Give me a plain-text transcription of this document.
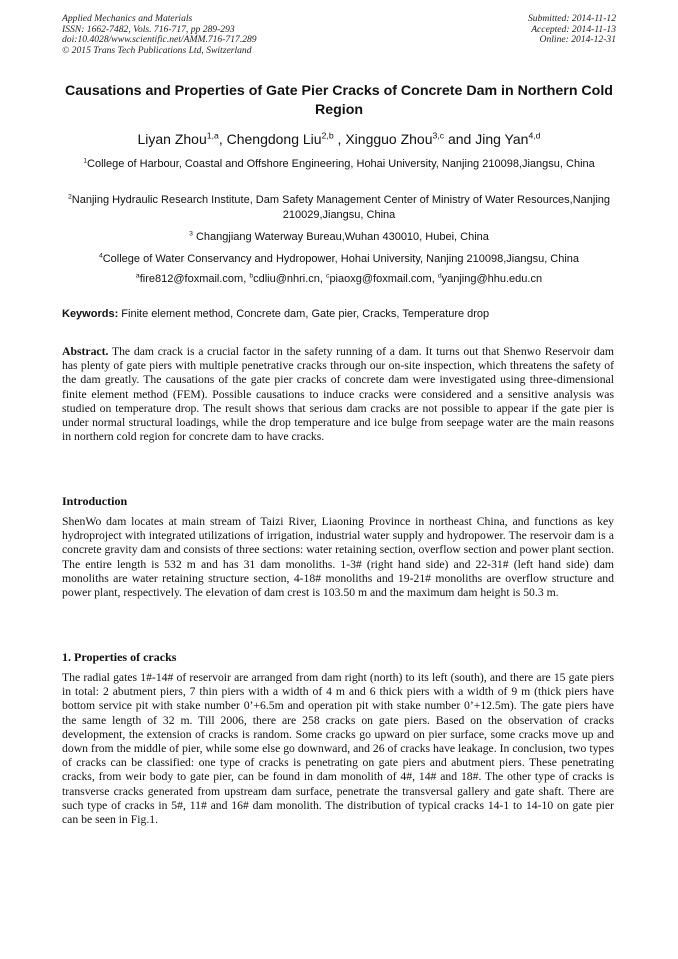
Applied Mechanics and Materials
ISSN: 1662-7482, Vols. 716-717, pp 289-293
doi:10.4028/www.scientific.net/AMM.716-717.289
© 2015 Trans Tech Publications Ltd, Switzerland
Submitted: 2014-11-12
Accepted: 2014-11-13
Online: 2014-12-31
Causations and Properties of Gate Pier Cracks of Concrete Dam in Northern Cold Region
Liyan Zhou$^{1,a}$, Chengdong Liu$^{2,b}$ , Xingguo Zhou$^{3,c}$ and Jing Yan$^{4,d}$
$^1$College of Harbour, Coastal and Offshore Engineering, Hohai University, Nanjing 210098,Jiangsu, China
$^2$Nanjing Hydraulic Research Institute, Dam Safety Management Center of Ministry of Water Resources,Nanjing 210029,Jiangsu, China
$^3$ Changjiang Waterway Bureau,Wuhan 430010, Hubei, China
$^4$College of Water Conservancy and Hydropower, Hohai University, Nanjing 210098,Jiangsu, China
$^a$fire812@foxmail.com, $^b$cdliu@nhri.cn, $^c$piaoxg@foxmail.com, $^d$yanjing@hhu.edu.cn
Keywords: Finite element method, Concrete dam, Gate pier, Cracks, Temperature drop
Abstract. The dam crack is a crucial factor in the safety running of a dam. It turns out that Shenwo Reservoir dam has plenty of gate piers with multiple penetrative cracks through our on-site inspection, which threatens the safety of the dam greatly. The causations of the gate pier cracks of concrete dam were investigated using three-dimensional finite element method (FEM). Possible causations to induce cracks were considered and a sensitive analysis was studied on temperature drop. The result shows that serious dam cracks are not possible to appear if the gate pier is under normal structural loadings, while the drop temperature and ice bulge from seepage water are the main reasons in northern cold region for concrete dam to have cracks.
Introduction
ShenWo dam locates at main stream of Taizi River, Liaoning Province in northeast China, and functions as key hydroproject with integrated utilizations of irrigation, industrial water supply and hydropower. The reservoir dam is a concrete gravity dam and consists of three sections: water retaining section, overflow section and power plant section. The entire length is 532 m and has 31 dam monoliths. 1-3# (right hand side) and 22-31# (left hand side) dam monoliths are water retaining structure section, 4-18# monoliths and 19-21# monoliths are overflow structure and power plant, respectively. The elevation of dam crest is 103.50 m and the maximum dam height is 50.3 m.
1. Properties of cracks
The radial gates 1#-14# of reservoir are arranged from dam right (north) to its left (south), and there are 15 gate piers in total: 2 abutment piers, 7 thin piers with a width of 4 m and 6 thick piers with a width of 9 m (thick piers have bottom service pit with stake number 0’+6.5m and operation pit with stake number 0’+12.5m). The gate piers have the same length of 32 m. Till 2006, there are 258 cracks on gate piers. Based on the observation of cracks development, the extension of cracks is random. Some cracks go upward on pier surface, some cracks move up and down from the middle of pier, while some else go downward, and 26 of cracks have leakage. In conclusion, two types of cracks can be classified: one type of cracks is penetrating on gate piers and abutment piers. These penetrating cracks, from weir body to gate pier, can be found in dam monolith of 4#, 14# and 18#. The other type of cracks is transverse cracks generated from upstream dam surface, penetrate the transversal gallery and gate shaft. There are such type of cracks in 5#, 11# and 16# dam monolith. The distribution of typical cracks 14-1 to 14-10 on gate pier can be seen in Fig.1.
